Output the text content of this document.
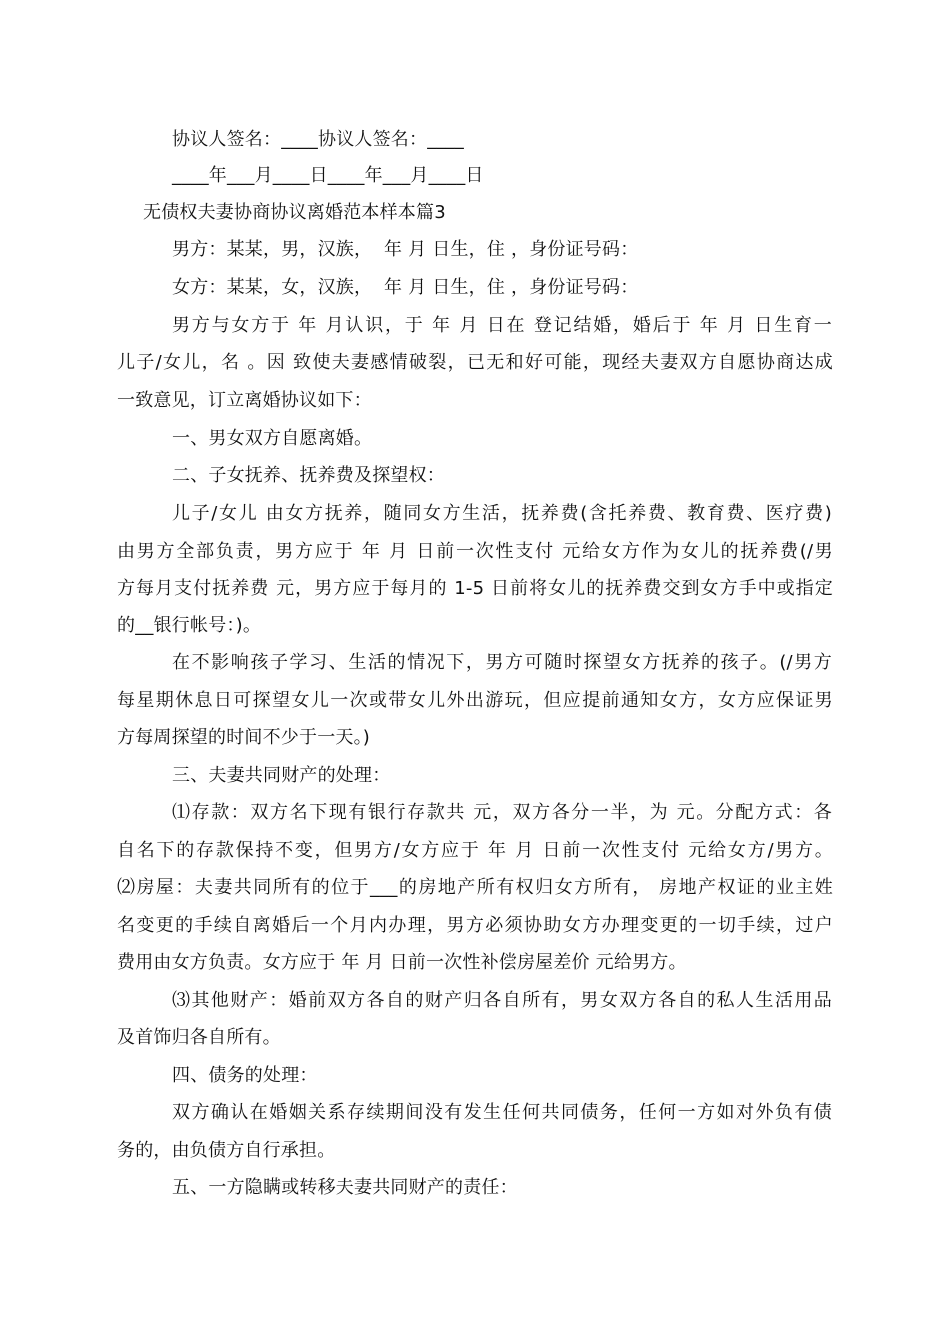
协议人签名：____协议人签名：____
____年___月____日____年___月____日
无债权夫妻协商协议离婚范本样本篇3
男方：某某，男，汉族，  年 月 日生，住 ，身份证号码：
女方：某某，女，汉族，  年 月 日生，住 ，身份证号码：
男方与女方于 年 月认识，于 年 月 日在 登记结婚，婚后于 年 月 日生育一
儿子/女儿，名 。因 致使夫妻感情破裂，已无和好可能，现经夫妻双方自愿协商达成
一致意见，订立离婚协议如下：
一、男女双方自愿离婚。
二、子女抚养、抚养费及探望权：
儿子/女儿 由女方抚养，随同女方生活，抚养费(含托养费、教育费、医疗费)
由男方全部负责，男方应于 年 月 日前一次性支付 元给女方作为女儿的抚养费(/男
方每月支付抚养费 元，男方应于每月的 1-5 日前将女儿的抚养费交到女方手中或指定
的__银行帐号：)。
在不影响孩子学习、生活的情况下，男方可随时探望女方抚养的孩子。(/男方
每星期休息日可探望女儿一次或带女儿外出游玩，但应提前通知女方，女方应保证男
方每周探望的时间不少于一天。)
三、夫妻共同财产的处理：
⑴存款：双方名下现有银行存款共 元，双方各分一半，为 元。分配方式：各
自名下的存款保持不变，但男方/女方应于 年 月 日前一次性支付 元给女方/男方。
⑵房屋：夫妻共同所有的位于___的房地产所有权归女方所有， 房地产权证的业主姓
名变更的手续自离婚后一个月内办理，男方必须协助女方办理变更的一切手续，过户
费用由女方负责。女方应于 年 月 日前一次性补偿房屋差价 元给男方。
⑶其他财产：婚前双方各自的财产归各自所有，男女双方各自的私人生活用品
及首饰归各自所有。
四、债务的处理：
双方确认在婚姻关系存续期间没有发生任何共同债务，任何一方如对外负有债
务的，由负债方自行承担。
五、一方隐瞒或转移夫妻共同财产的责任：
